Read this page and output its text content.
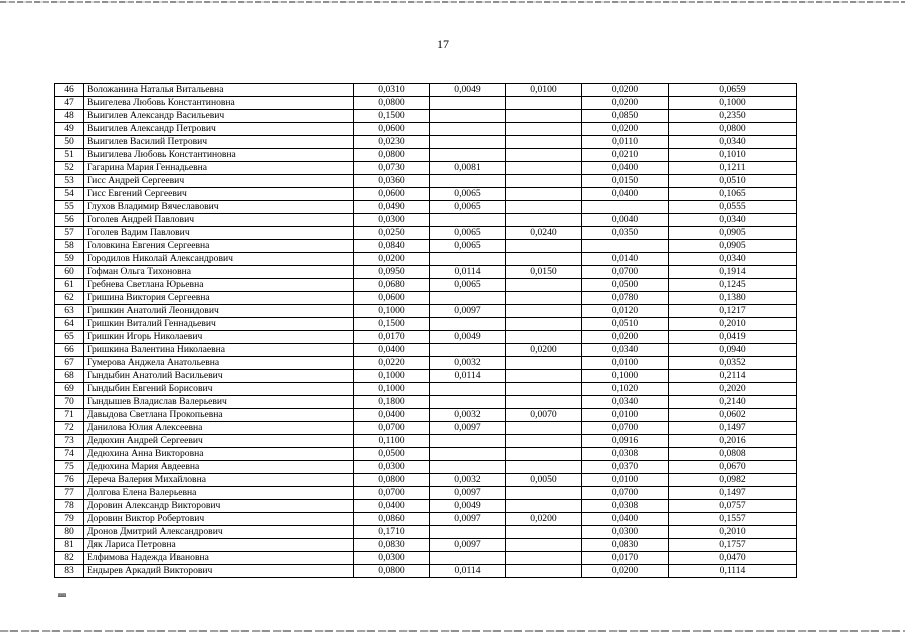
17
46	Воложанина Наталья Витальевна	0,0310	0,0049	0,0100	0,0200	0,0659
47	Выигелева Любовь Константиновна	0,0800			0,0200	0,1000
48	Выигилев Александр Васильевич	0,1500			0,0850	0,2350
49	Выигилев Александр Петрович	0,0600			0,0200	0,0800
50	Выигилев Василий Петрович	0,0230			0,0110	0,0340
51	Выигилева Любовь Константиновна	0,0800			0,0210	0,1010
52	Гагарина Мария Геннадьевна	0,0730	0,0081		0,0400	0,1211
53	Гисс Андрей Сергеевич	0,0360			0,0150	0,0510
54	Гисс Евгений Сергеевич	0,0600	0,0065		0,0400	0,1065
55	Глухов Владимир Вячеславович	0,0490	0,0065			0,0555
56	Гоголев Андрей Павлович	0,0300			0,0040	0,0340
57	Гоголев Вадим Павлович	0,0250	0,0065	0,0240	0,0350	0,0905
58	Головкина Евгения Сергеевна	0,0840	0,0065			0,0905
59	Городилов Николай Александрович	0,0200			0,0140	0,0340
60	Гофман Ольга Тихоновна	0,0950	0,0114	0,0150	0,0700	0,1914
61	Гребнева Светлана Юрьевна	0,0680	0,0065		0,0500	0,1245
62	Гришина Виктория Сергеевна	0,0600			0,0780	0,1380
63	Гришкин Анатолий Леонидович	0,1000	0,0097		0,0120	0,1217
64	Гришкин Виталий Геннадьевич	0,1500			0,0510	0,2010
65	Гришкин Игорь Николаевич	0,0170	0,0049		0,0200	0,0419
66	Гришкина Валентина Николаевна	0,0400		0,0200	0,0340	0,0940
67	Гумерова Анджела Анатольевна	0,0220	0,0032		0,0100	0,0352
68	Гындыбин Анатолий Васильевич	0,1000	0,0114		0,1000	0,2114
69	Гындыбин Евгений Борисович	0,1000			0,1020	0,2020
70	Гындышев Владислав Валерьевич	0,1800			0,0340	0,2140
71	Давыдова Светлана Прокопьевна	0,0400	0,0032	0,0070	0,0100	0,0602
72	Данилова Юлия Алексеевна	0,0700	0,0097		0,0700	0,1497
73	Дедюхин Андрей Сергеевич	0,1100			0,0916	0,2016
74	Дедюхина Анна Викторовна	0,0500			0,0308	0,0808
75	Дедюхина Мария Авдеевна	0,0300			0,0370	0,0670
76	Дереча Валерия Михайловна	0,0800	0,0032	0,0050	0,0100	0,0982
77	Долгова Елена Валерьевна	0,0700	0,0097		0,0700	0,1497
78	Доровин Александр Викторович	0,0400	0,0049		0,0308	0,0757
79	Доровин Виктор Робертович	0,0860	0,0097	0,0200	0,0400	0,1557
80	Дронов Дмитрий Александрович	0,1710			0,0300	0,2010
81	Дяк Лариса Петровна	0,0830	0,0097		0,0830	0,1757
82	Елфимова Надежда Ивановна	0,0300			0,0170	0,0470
83	Ендырев Аркадий Викторович	0,0800	0,0114		0,0200	0,1114
пп
